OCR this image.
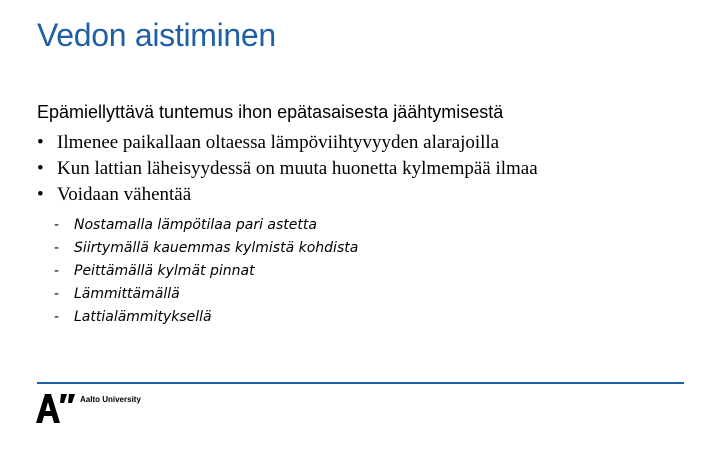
Vedon aistiminen
Epämiellyttävä tuntemus ihon epätasaisesta jäähtymisestä
• Ilmenee paikallaan oltaessa lämpöviihtyvyyden alarajoilla
• Kun lattian läheisyydessä on muuta huonetta kylmempää ilmaa
• Voidaan vähentää
- Nostamalla lämpötilaa pari astetta
- Siirtymällä kauemmas kylmistä kohdista
- Peittämällä kylmät pinnat
- Lämmittämällä
- Lattialämmityksellä
Aalto University
